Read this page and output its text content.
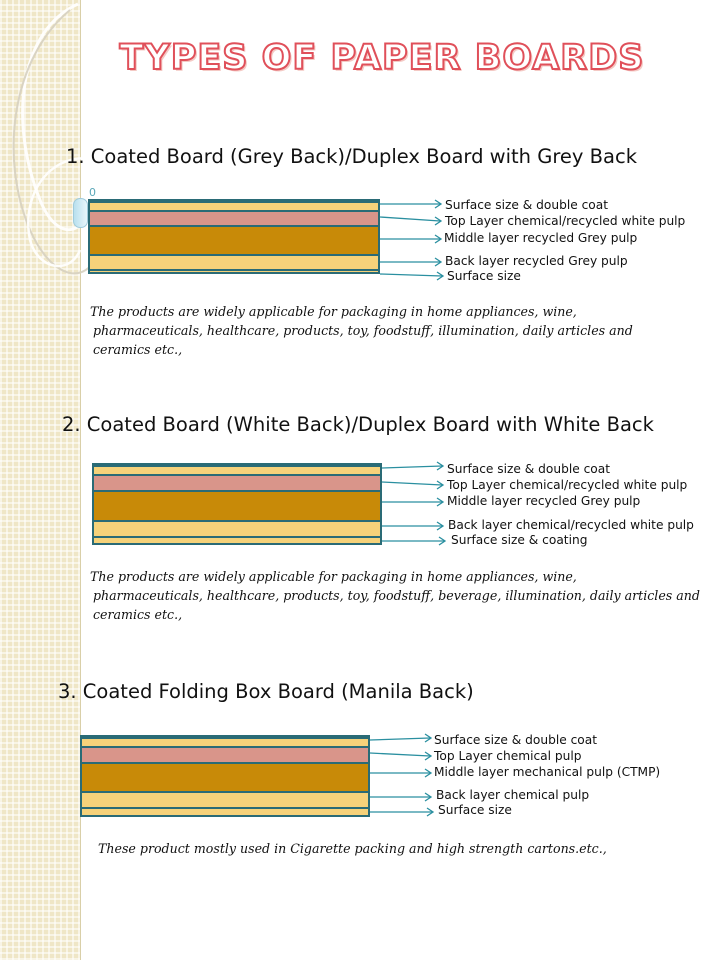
0
TYPES OF PAPER BOARDS
1. Coated Board (Grey Back)/Duplex Board with Grey Back
Surface size & double coat
Top Layer chemical/recycled white pulp
Middle layer recycled Grey pulp
Back layer recycled Grey pulp
Surface size
The products are widely applicable for packaging in home appliances, wine,
pharmaceuticals, healthcare, products, toy, foodstuff, illumination, daily articles and
ceramics etc.,
2. Coated Board (White Back)/Duplex Board with White Back
Surface size & double coat
Top Layer chemical/recycled white pulp
Middle layer recycled Grey pulp
Back layer chemical/recycled white pulp
Surface size & coating
The products are widely applicable for packaging in home appliances, wine,
pharmaceuticals, healthcare, products, toy, foodstuff, beverage, illumination, daily articles and
ceramics etc.,
3. Coated Folding Box Board (Manila Back)
Surface size & double coat
Top Layer chemical pulp
Middle layer mechanical pulp (CTMP)
Back layer chemical pulp
Surface size
These product mostly used in Cigarette packing and high strength cartons.etc.,
